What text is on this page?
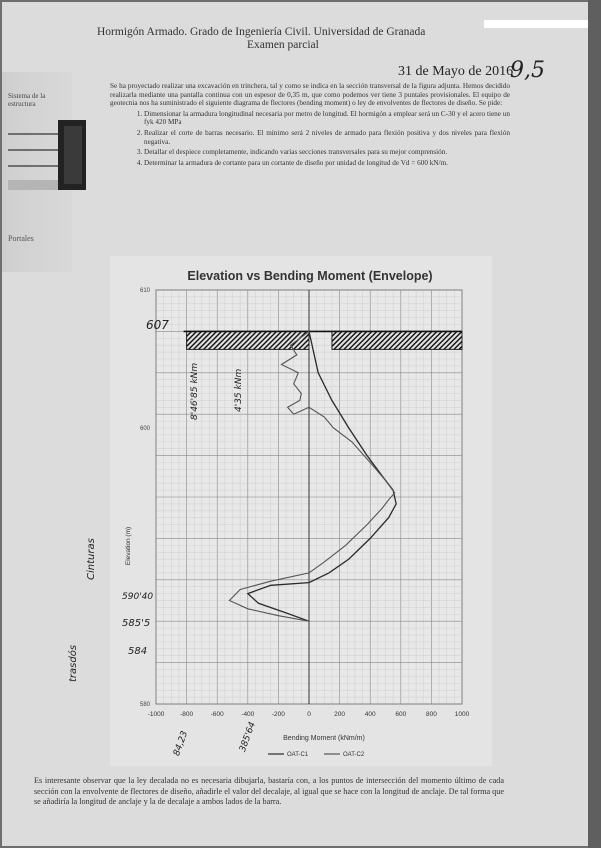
Hormigón Armado. Grado de Ingeniería Civil. Universidad de Granada
Examen parcial
31 de Mayo de 2016
9,5
Sistema de la estructura
Portales
Se ha proyectado realizar una excavación en trinchera, tal y como se indica en la sección transversal de la figura adjunta. Hemos decidido realizarla mediante una pantalla continua con un espesor de 0,35 m, que como podemos ver tiene 3 puntales provisionales. El equipo de geotecnia nos ha suministrado el siguiente diagrama de flectores (bending moment) o ley de envolventes de flectores de diseño. Se pide:
1. Dimensionar la armadura longitudinal necesaria por metro de longitud. El hormigón a emplear será un C-30 y el acero tiene un fyk 420 MPa
2. Realizar el corte de barras necesario. El mínimo será 2 niveles de armado para flexión positiva y dos niveles para flexión negativa.
3. Detallar el despiece completamente, indicando varias secciones transversales para su mejor comprensión.
4. Determinar la armadura de cortante para un cortante de diseño por unidad de longitud de Vd = 600 kN/m.
Elevation vs Bending Moment (Envelope)
-1000 -800	-600	-400	-200	0	200	400	600	800	1000
580
600
610
Bending Moment (kNm/m)
Elevation (m)
OAT-C1	OAT-C2
607
590'40
585'5
584
8'46'85 kNm	4'35 kNm
Cinturas
trasdós
84,23	385'64
Es interesante observar que la ley decalada no es necesaria dibujarla, bastaría con, a los puntos de intersección del momento último de cada sección con la envolvente de flectores de diseño, añadirle el valor del decalaje, al igual que se hace con la longitud de anclaje. De tal forma que se añadiría la longitud de anclaje y la de decalaje a ambos lados de la barra.
